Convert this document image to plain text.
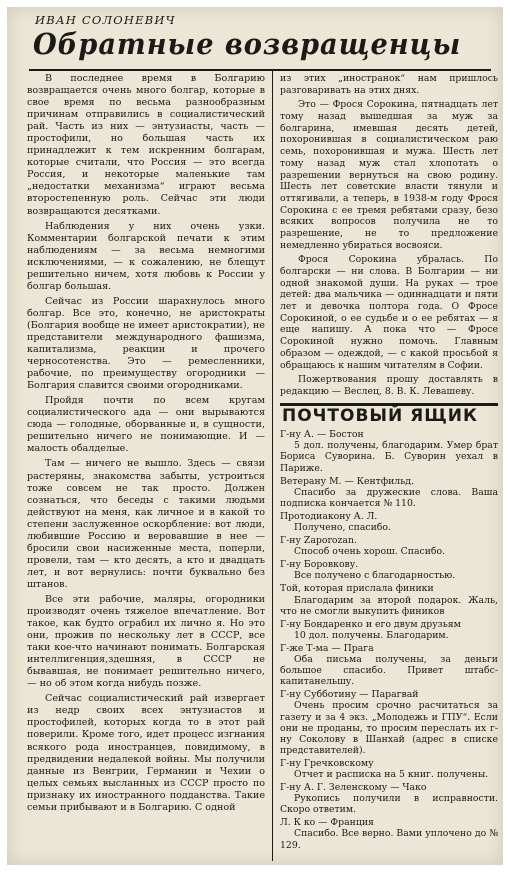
ИВАН СОЛОНЕВИЧ
Обратные возвращенцы

В последнее время в Болгарию возвращается очень много болгар, которые в свое время по весьма разнообразным причинам отправились в социалистический рай. Часть из них — энтузиасты, часть — простофили, но большая часть их принадлежит к тем искренним болгарам, которые считали, что Россия — это всегда Россия, и некоторые маленькие там „недостатки механизма“ играют весьма второстепенную роль. Сейчас эти люди возвращаются десятками.

Наблюдения у них очень узки. Комментарии болгарской печати к этим наблюдениям — за весьма немногими исключениями, — к сожалению, не блещут решительно ничем, хотя любовь к России у болгар большая.

Сейчас из России шарахнулось много болгар. Все это, конечно, не аристократы (Болгария вообще не имеет аристократии), не представители международного фашизма, капитализма, реакции и прочего черносотенства. Это — ремесленники, рабочие, по преимуществу огородники — Болгария славится своими огородниками.

Пройдя почти по всем кругам социалистического ада — они вырываются сюда — голодные, оборванные и, в сущности, решительно ничего не понимающие. И — малость обалделые.

Там — ничего не вышло. Здесь — связи растеряны, знакомства забыты, устроиться тоже совсем не так просто. Должен сознаться, что беседы с такими людьми действуют на меня, как личное и в какой то степени заслуженное оскорбление: вот люди, любившие Россию и веровавшие в нее — бросили свои насиженные места, поперли, провели, там — кто десять, а кто и двадцать лет, и вот вернулись: почти буквально без штанов.

Все эти рабочие, маляры, огородники производят очень тяжелое впечатление. Вот такое, как будто ограбил их лично я. Но это они, прожив по нескольку лет в СССР, все таки кое-что начинают понимать. Болгарская интеллигенция,здешняя, в СССР не бывавшая, не понимает решительно ничего, — но об этом когда нибудь позже.

Сейчас социалистический рай извергает из недр своих всех энтузиастов и простофилей, которых когда то в этот рай поверили. Кроме того, идет процесс изгнания всякого рода иностранцев, повидимому, в предвидении недалекой войны. Мы получили данные из Венгрии, Германии и Чехии о целых семьях высланных из СССР просто по признаку их иностранного подданства. Такие семьи прибывают и в Болгарию. С одной

из этих „иностранок“ нам пришлось разговаривать на этих днях.

Это — Фрося Сорокина, пятнадцать лет тому назад вышедшая за муж за болгарина, имевшая десять детей, похоронившая в социалистическом раю семь, похоронившая и мужа. Шесть лет тому назад муж стал хлопотать о разрешении вернуться на свою родину. Шесть лет советские власти тянули и оттягивали, а теперь, в 1938-м году Фрося Сорокина с ее тремя ребятами сразу, безо всяких вопросов получила не то разрешение, не то предложение немедленно убираться восвояси.

Фрося Сорокина убралась. По болгарски — ни слова. В Болгарии — ни одной знакомой души. На руках — трое детей: два мальчика — одиннадцати и пяти лет и девочка полтора года. О Фросе Сорокиной, о ее судьбе и о ее ребятах — я еще напишу. А пока что — Фросе Сорокиной нужно помочь. Главным образом — одеждой, — с какой просьбой я обращаюсь к нашим читателям в Софии.

Пожертвования прошу доставлять в редакцию — Веслец, 8. В. К. Левашеву.

ПОЧТОВЫЙ ЯЩИК
Г-ну А. — Бостон
5 дол. получены, благодарим. Умер брат Бориса Суворина. Б. Суворин уехал в Париже.
Ветерану М. — Кентфильд.
Спасибо за дружеские слова. Ваша подписка кончается № 110.
Протодиаконy А. Л.
Получено, спасибо.
Г-ну Zaporozan.
Способ очень хорош. Спасибо.
Г-ну Боровкову.
Все получено с благодарностью.
Той, которая прислала финики
Благодарим за второй подарок. Жаль, что не смогли выкупить фиников
Г-ну Бондаренко и его двум друзьям
10 дол. получены. Благодарим.
Г-же Т-ма — Прага
Оба письма получены, за деньги большое спасибо. Привет штабс-капитанельшу.
Г-ну Субботину — Парагвай
Очень просим срочно расчитаться за газету и за 4 экз. „Молодежь и ГПУ“. Если они не проданы, то просим переслать их г-ну Соколову в Шанхай (адрес в списке представителей).
Г-ну Гречковскому
Отчет и расписка на 5 книг. получены.
Г-ну А. Г. Зеленскому — Чако
Рукопись получили в исправности. Скоро ответим.
Л. К ко — Франция
Спасибо. Все верно. Вами уплочено до № 129.
